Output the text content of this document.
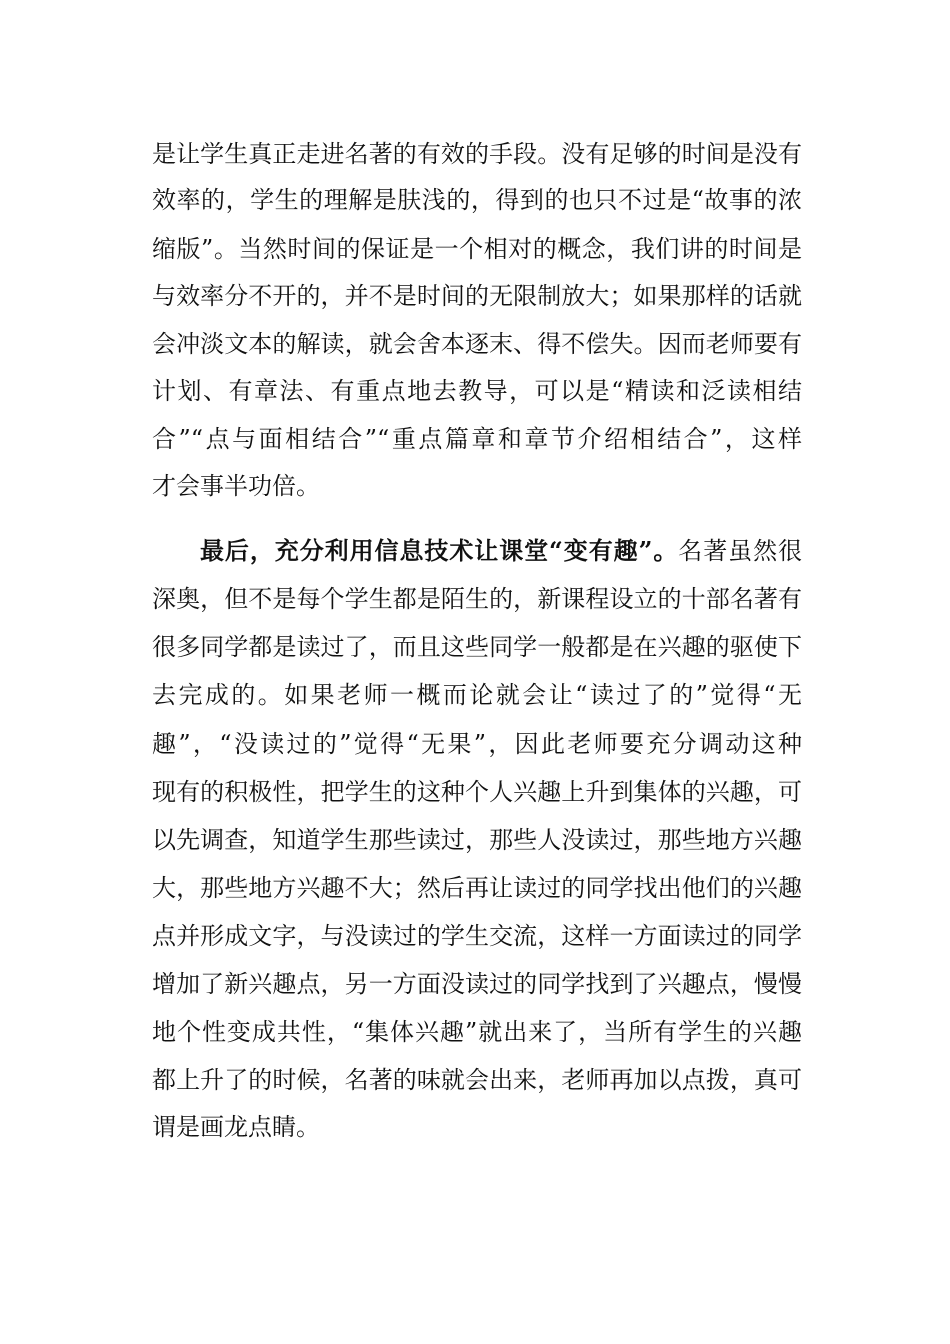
是让学生真正走进名著的有效的手段。没有足够的时间是没有
效率的，学生的理解是肤浅的，得到的也只不过是“故事的浓
缩版”。当然时间的保证是一个相对的概念，我们讲的时间是
与效率分不开的，并不是时间的无限制放大；如果那样的话就
会冲淡文本的解读，就会舍本逐末、得不偿失。因而老师要有
计划、有章法、有重点地去教导，可以是“精读和泛读相结
合”“点与面相结合”“重点篇章和章节介绍相结合”，这样
才会事半功倍。
最后，充分利用信息技术让课堂“变有趣”。名著虽然很
深奥，但不是每个学生都是陌生的，新课程设立的十部名著有
很多同学都是读过了，而且这些同学一般都是在兴趣的驱使下
去完成的。如果老师一概而论就会让“读过了的”觉得“无
趣”，“没读过的”觉得“无果”，因此老师要充分调动这种
现有的积极性，把学生的这种个人兴趣上升到集体的兴趣，可
以先调查，知道学生那些读过，那些人没读过，那些地方兴趣
大，那些地方兴趣不大；然后再让读过的同学找出他们的兴趣
点并形成文字，与没读过的学生交流，这样一方面读过的同学
增加了新兴趣点，另一方面没读过的同学找到了兴趣点，慢慢
地个性变成共性，“集体兴趣”就出来了，当所有学生的兴趣
都上升了的时候，名著的味就会出来，老师再加以点拨，真可
谓是画龙点睛。
